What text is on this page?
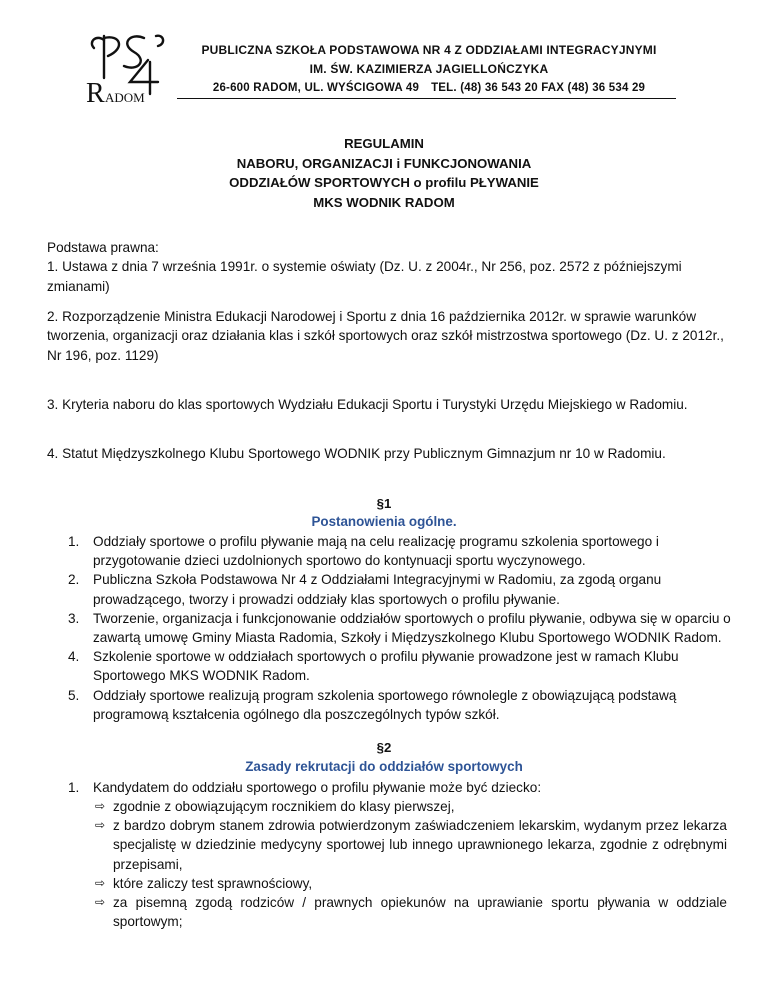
R ADOM
PUBLICZNA SZKOŁA PODSTAWOWA NR 4 Z ODDZIAŁAMI INTEGRACYJNYMI
IM. ŚW. KAZIMIERZA JAGIELLOŃCZYKA
26-600 RADOM, UL. WYŚCIGOWA 49 TEL. (48) 36 543 20 FAX (48) 36 534 29
REGULAMIN
NABORU, ORGANIZACJI i FUNKCJONOWANIA
ODDZIAŁÓW SPORTOWYCH o profilu PŁYWANIE
MKS WODNIK RADOM
Podstawa prawna:
1. Ustawa z dnia 7 września 1991r. o systemie oświaty (Dz. U. z 2004r., Nr 256, poz. 2572 z późniejszymi zmianami)
2. Rozporządzenie Ministra Edukacji Narodowej i Sportu z dnia 16 października 2012r. w sprawie warunków tworzenia, organizacji oraz działania klas i szkół sportowych oraz szkół mistrzostwa sportowego (Dz. U. z 2012r., Nr 196, poz. 1129)
3. Kryteria naboru do klas sportowych Wydziału Edukacji Sportu i Turystyki Urzędu Miejskiego w Radomiu.
4. Statut Międzyszkolnego Klubu Sportowego WODNIK przy Publicznym Gimnazjum nr 10 w Radomiu.
§1
Postanowienia ogólne.
1. Oddziały sportowe o profilu pływanie mają na celu realizację programu szkolenia sportowego i przygotowanie dzieci uzdolnionych sportowo do kontynuacji sportu wyczynowego.
2. Publiczna Szkoła Podstawowa Nr 4 z Oddziałami Integracyjnymi w Radomiu, za zgodą organu prowadzącego, tworzy i prowadzi oddziały klas sportowych o profilu pływanie.
3. Tworzenie, organizacja i funkcjonowanie oddziałów sportowych o profilu pływanie, odbywa się w oparciu o zawartą umowę Gminy Miasta Radomia, Szkoły i Międzyszkolnego Klubu Sportowego WODNIK Radom.
4. Szkolenie sportowe w oddziałach sportowych o profilu pływanie prowadzone jest w ramach Klubu Sportowego MKS WODNIK Radom.
5. Oddziały sportowe realizują program szkolenia sportowego równolegle z obowiązującą podstawą programową kształcenia ogólnego dla poszczególnych typów szkół.
§2
Zasady rekrutacji do oddziałów sportowych
1. Kandydatem do oddziału sportowego o profilu pływanie może być dziecko:
⇨ zgodnie z obowiązującym rocznikiem do klasy pierwszej,
⇨ z bardzo dobrym stanem zdrowia potwierdzonym zaświadczeniem lekarskim, wydanym przez lekarza specjalistę w dziedzinie medycyny sportowej lub innego uprawnionego lekarza, zgodnie z odrębnymi przepisami,
⇨ które zaliczy test sprawnościowy,
⇨ za pisemną zgodą rodziców / prawnych opiekunów na uprawianie sportu pływania w oddziale sportowym;
